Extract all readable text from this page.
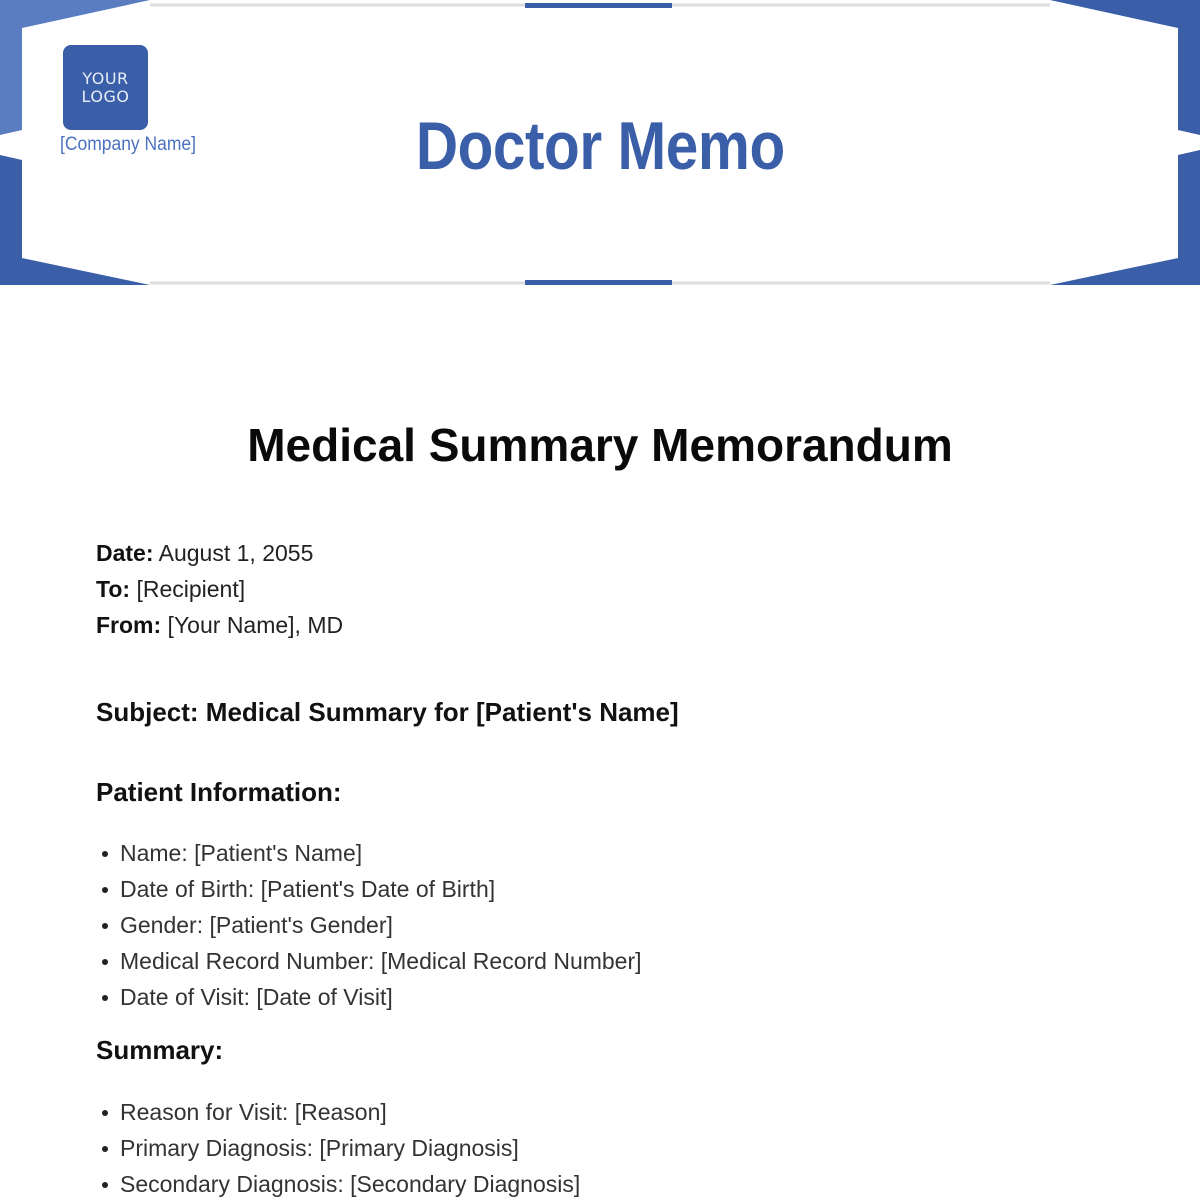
YOUR
LOGO
[Company Name]	Doctor Memo
Medical Summary Memorandum
Date: August 1, 2055
To: [Recipient]
From: [Your Name], MD
Subject: Medical Summary for [Patient's Name]
Patient Information:
Name: [Patient's Name]
Date of Birth: [Patient's Date of Birth]
Gender: [Patient's Gender]
Medical Record Number: [Medical Record Number]
Date of Visit: [Date of Visit]
Summary:
Reason for Visit: [Reason]
Primary Diagnosis: [Primary Diagnosis]
Secondary Diagnosis: [Secondary Diagnosis]
